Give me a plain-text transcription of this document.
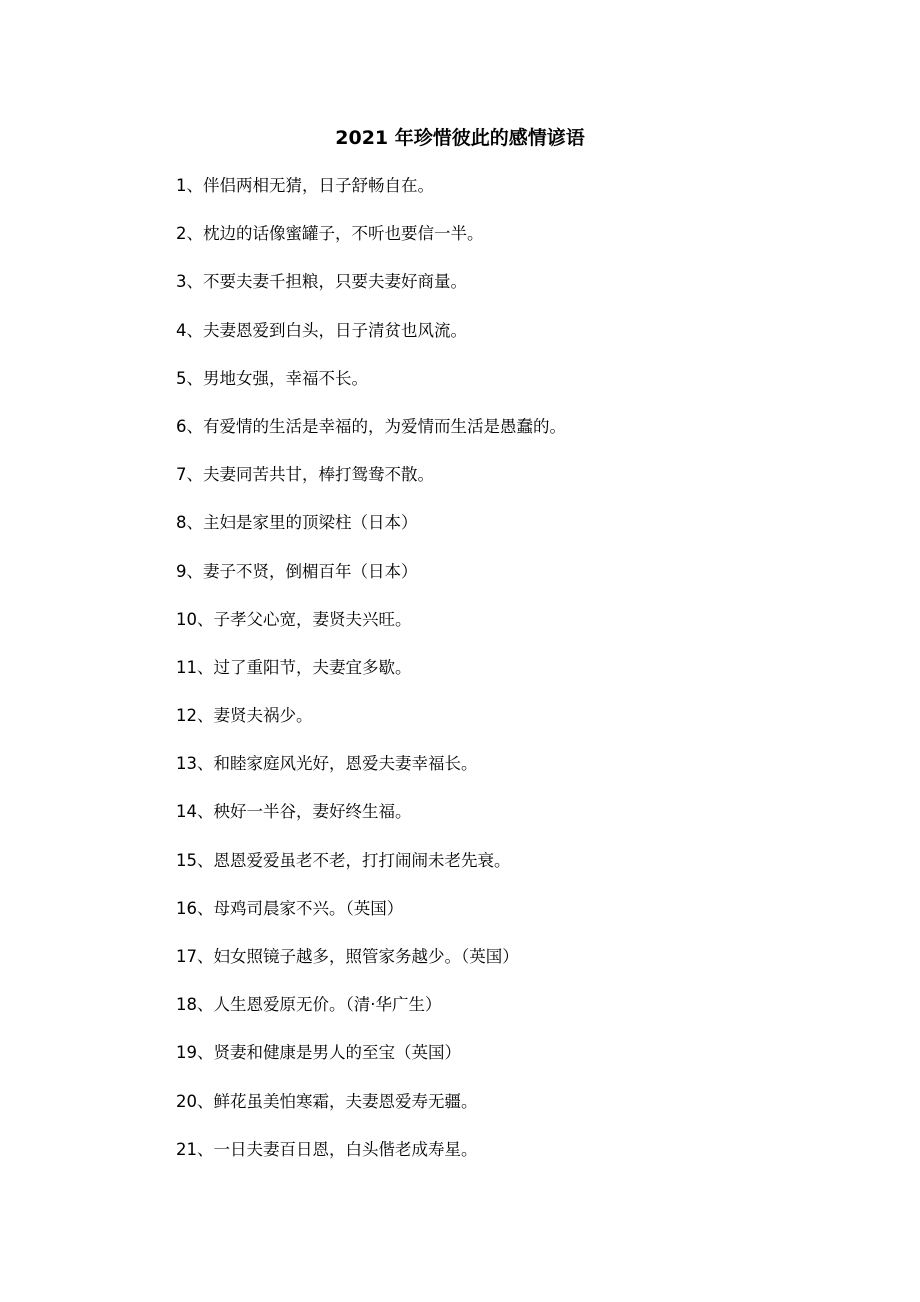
2021 年珍惜彼此的感情谚语
1、伴侣两相无猜，日子舒畅自在。
2、枕边的话像蜜罐子，不听也要信一半。
3、不要夫妻千担粮，只要夫妻好商量。
4、夫妻恩爱到白头，日子清贫也风流。
5、男地女强，幸福不长。
6、有爱情的生活是幸福的，为爱情而生活是愚蠢的。
7、夫妻同苦共甘，棒打鸳鸯不散。
8、主妇是家里的顶梁柱（日本）
9、妻子不贤，倒楣百年（日本）
10、子孝父心宽，妻贤夫兴旺。
11、过了重阳节，夫妻宜多歇。
12、妻贤夫祸少。
13、和睦家庭风光好，恩爱夫妻幸福长。
14、秧好一半谷，妻好终生福。
15、恩恩爱爱虽老不老，打打闹闹未老先衰。
16、母鸡司晨家不兴。（英国）
17、妇女照镜子越多，照管家务越少。（英国）
18、人生恩爱原无价。（清·华广生）
19、贤妻和健康是男人的至宝（英国）
20、鲜花虽美怕寒霜，夫妻恩爱寿无疆。
21、一日夫妻百日恩，白头偕老成寿星。
